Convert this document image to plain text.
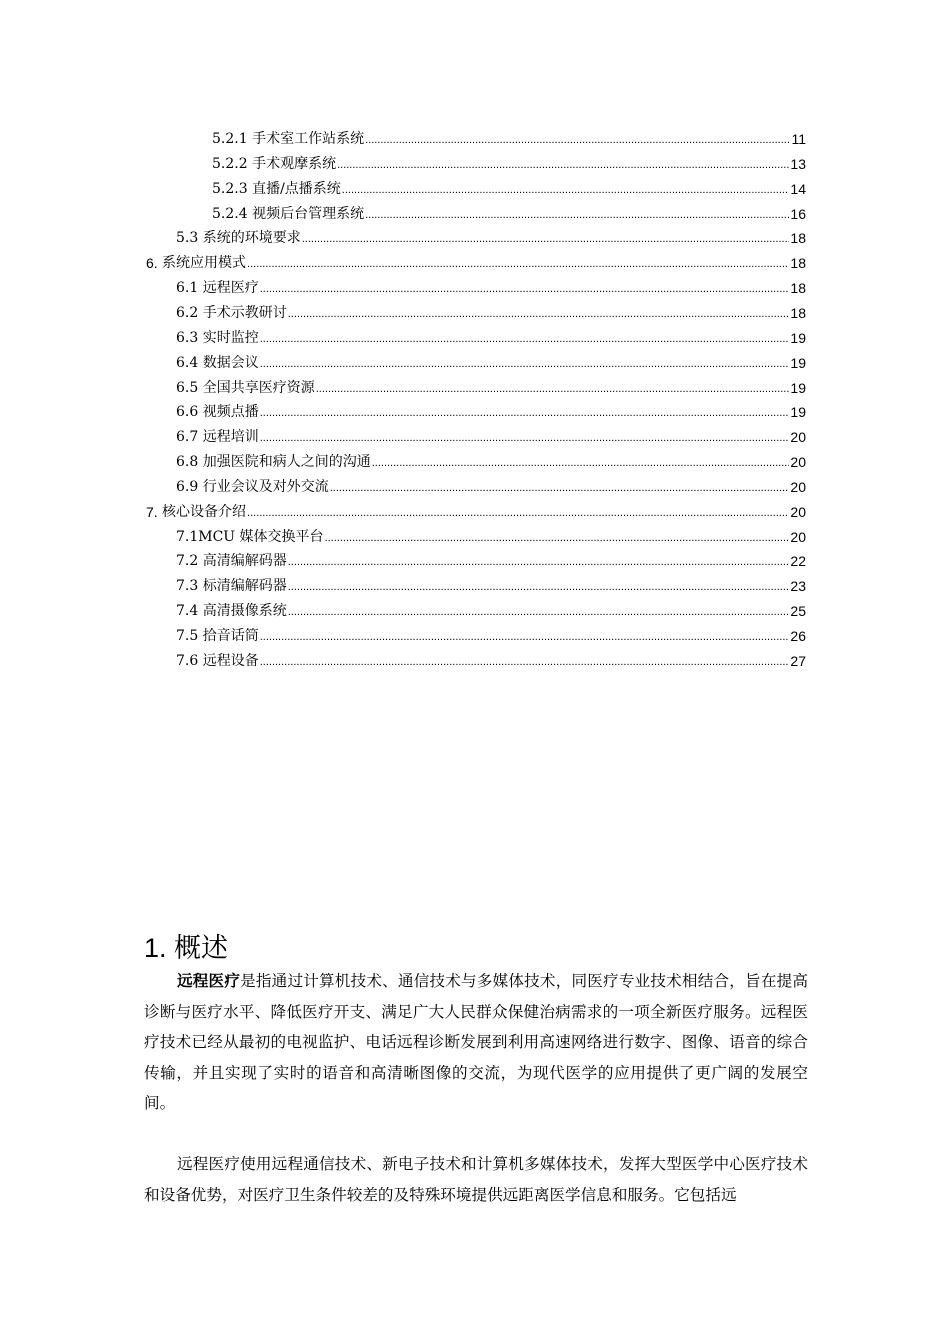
5.2.1 手术室工作站系统 .....	11
5.2.2 手术观摩系统 .....	13
5.2.3 直播/点播系统 .....	14
5.2.4 视频后台管理系统 .....	16
5.3 系统的环境要求 .....	18
6. 系统应用模式 .....	18
6.1 远程医疗 .....	18
6.2 手术示教研讨 .....	18
6.3 实时监控 .....	19
6.4 数据会议 .....	19
6.5 全国共享医疗资源 .....	19
6.6 视频点播 .....	19
6.7 远程培训 .....	20
6.8 加强医院和病人之间的沟通 .....	20
6.9 行业会议及对外交流 .....	20
7. 核心设备介绍 .....	20
7.1MCU 媒体交换平台 .....	20
7.2 高清编解码器 .....	22
7.3 标清编解码器 .....	23
7.4 高清摄像系统 .....	25
7.5 拾音话筒 .....	26
7.6 远程设备 .....	27
1. 概述

远程医疗是指通过计算机技术、通信技术与多媒体技术，同医疗专业技术相结合，旨在提高诊断与医疗水平、降低医疗开支、满足广大人民群众保健治病需求的一项全新医疗服务。远程医疗技术已经从最初的电视监护、电话远程诊断发展到利用高速网络进行数字、图像、语音的综合传输，并且实现了实时的语音和高清晰图像的交流，为现代医学的应用提供了更广阔的发展空间。

远程医疗使用远程通信技术、新电子技术和计算机多媒体技术，发挥大型医学中心医疗技术和设备优势，对医疗卫生条件较差的及特殊环境提供远距离医学信息和服务。它包括远
